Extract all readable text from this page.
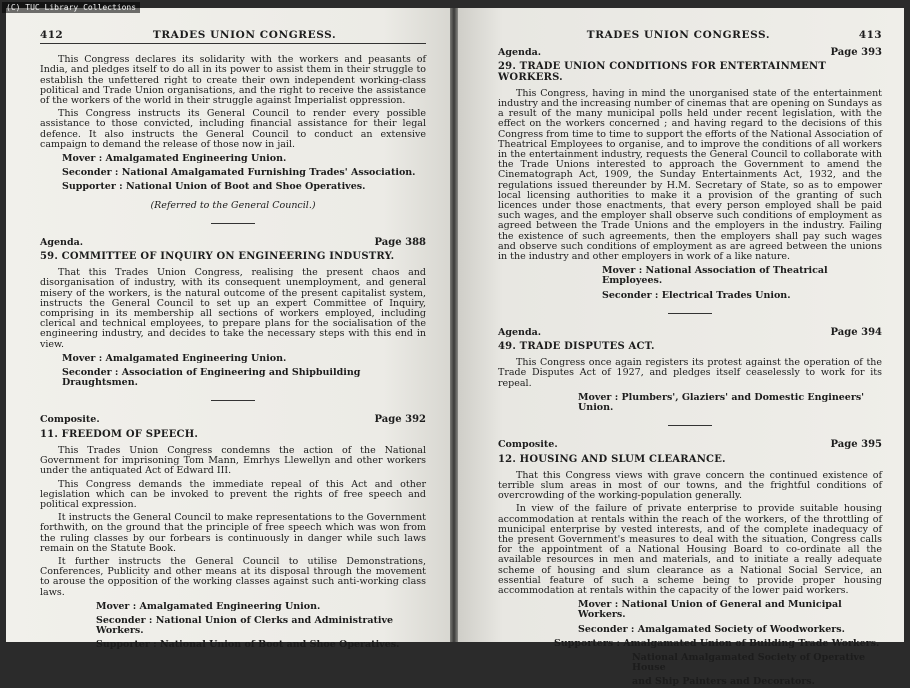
(C) TUC Library Collections
412	TRADES UNION CONGRESS.

This Congress declares its solidarity with the workers and peasants of India, and pledges itself to do all in its power to assist them in their struggle to establish the unfettered right to create their own independent working-class political and Trade Union organisations, and the right to receive the assistance of the workers of the world in their struggle against Imperialist oppression.

This Congress instructs its General Council to render every possible assistance to those convicted, including financial assistance for their legal defence. It also instructs the General Council to conduct an extensive campaign to demand the release of those now in jail.

Mover : Amalgamated Engineering Union.
Seconder : National Amalgamated Furnishing Trades' Association.
Supporter : National Union of Boot and Shoe Operatives.
(Referred to the General Council.)
Agenda.	Page 388
59. COMMITTEE OF INQUIRY ON ENGINEERING INDUSTRY.

That this Trades Union Congress, realising the present chaos and disorganisation of industry, with its consequent unemployment, and general misery of the workers, is the natural outcome of the present capitalist system, instructs the General Council to set up an expert Committee of Inquiry, comprising in its membership all sections of workers employed, including clerical and technical employees, to prepare plans for the socialisation of the engineering industry, and decides to take the necessary steps with this end in view.

Mover : Amalgamated Engineering Union.
Seconder : Association of Engineering and Shipbuilding Draughtsmen.
Composite.	Page 392
11. FREEDOM OF SPEECH.

This Trades Union Congress condemns the action of the National Government for imprisoning Tom Mann, Emrhys Llewellyn and other workers under the antiquated Act of Edward III.

This Congress demands the immediate repeal of this Act and other legislation which can be invoked to prevent the rights of free speech and political expression.

It instructs the General Council to make representations to the Government forthwith, on the ground that the principle of free speech which was won from the ruling classes by our forbears is continuously in danger while such laws remain on the Statute Book.

It further instructs the General Council to utilise Demonstrations, Conferences, Publicity and other means at its disposal through the movement to arouse the opposition of the working classes against such anti-working class laws.

Mover : Amalgamated Engineering Union.
Seconder : National Union of Clerks and Administrative Workers.
Supporter : National Union of Boot and Shoe Operatives.
TRADES UNION CONGRESS.	413
Agenda.	Page 393
29. TRADE UNION CONDITIONS FOR ENTERTAINMENT WORKERS.

This Congress, having in mind the unorganised state of the entertainment industry and the increasing number of cinemas that are opening on Sundays as a result of the many municipal polls held under recent legislation, with the effect on the workers concerned ; and having regard to the decisions of this Congress from time to time to support the efforts of the National Association of Theatrical Employees to organise, and to improve the conditions of all workers in the entertainment industry, requests the General Council to collaborate with the Trade Unions interested to approach the Government to amend the Cinematograph Act, 1909, the Sunday Entertainments Act, 1932, and the regulations issued thereunder by H.M. Secretary of State, so as to empower local licensing authorities to make it a provision of the granting of such licences under those enactments, that every person employed shall be paid such wages, and the employer shall observe such conditions of employment as agreed between the Trade Unions and the employers in the industry. Failing the existence of such agreements, then the employers shall pay such wages and observe such conditions of employment as are agreed between the unions in the industry and other employers in work of a like nature.

Mover : National Association of Theatrical Employees.
Seconder : Electrical Trades Union.
Agenda.	Page 394
49. TRADE DISPUTES ACT.

This Congress once again registers its protest against the operation of the Trade Disputes Act of 1927, and pledges itself ceaselessly to work for its repeal.

Mover : Plumbers', Glaziers' and Domestic Engineers' Union.
Composite.	Page 395
12. HOUSING AND SLUM CLEARANCE.

That this Congress views with grave concern the continued existence of terrible slum areas in most of our towns, and the frightful conditions of overcrowding of the working-population generally.

In view of the failure of private enterprise to provide suitable housing accommodation at rentals within the reach of the workers, of the throttling of municipal enterprise by vested interests, and of the complete inadequacy of the present Government's measures to deal with the situation, Congress calls for the appointment of a National Housing Board to co-ordinate all the available resources in men and materials, and to initiate a really adequate scheme of housing and slum clearance as a National Social Service, an essential feature of such a scheme being to provide proper housing accommodation at rentals within the capacity of the lower paid workers.

Mover : National Union of General and Municipal Workers.
Seconder : Amalgamated Society of Woodworkers.
Supporters : Amalgamated Union of Building Trade Workers.
National Amalgamated Society of Operative House
and Ship Painters and Decorators.
